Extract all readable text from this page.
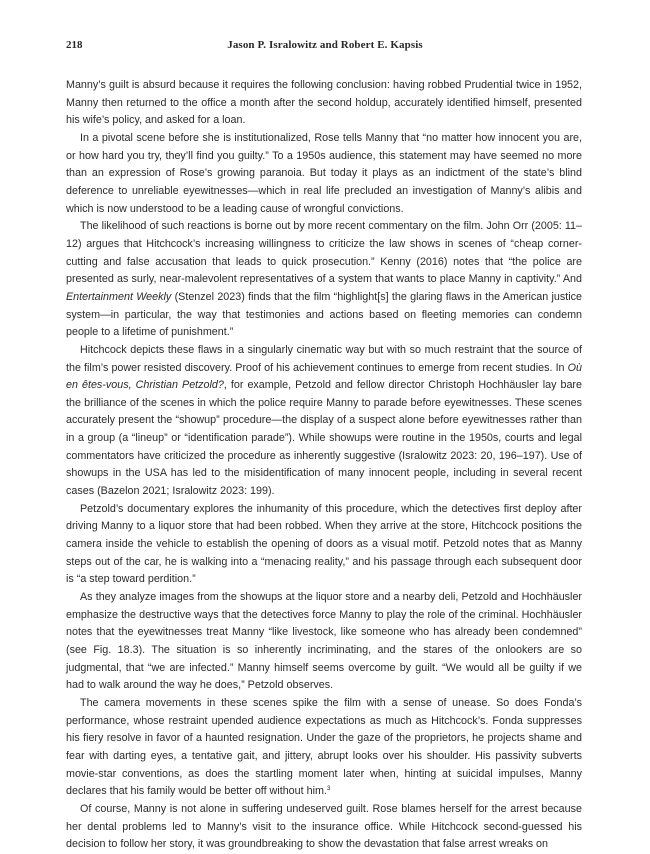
218	Jason P. Isralowitz and Robert E. Kapsis

Manny’s guilt is absurd because it requires the following conclusion: having robbed Prudential twice in 1952, Manny then returned to the office a month after the second holdup, accurately identified himself, presented his wife’s policy, and asked for a loan.

In a pivotal scene before she is institutionalized, Rose tells Manny that “no matter how innocent you are, or how hard you try, they’ll find you guilty.” To a 1950s audience, this statement may have seemed no more than an expression of Rose’s growing paranoia. But today it plays as an indictment of the state’s blind deference to unreliable eyewitnesses—which in real life precluded an investigation of Manny’s alibis and which is now understood to be a leading cause of wrongful convictions.

The likelihood of such reactions is borne out by more recent commentary on the film. John Orr (2005: 11–12) argues that Hitchcock’s increasing willingness to criticize the law shows in scenes of “cheap corner-cutting and false accusation that leads to quick prosecution.” Kenny (2016) notes that “the police are presented as surly, near-malevolent representatives of a system that wants to place Manny in captivity.” And Entertainment Weekly (Stenzel 2023) finds that the film “highlight[s] the glaring flaws in the American justice system—in particular, the way that testimonies and actions based on fleeting memories can condemn people to a lifetime of punishment.”

Hitchcock depicts these flaws in a singularly cinematic way but with so much restraint that the source of the film’s power resisted discovery. Proof of his achievement continues to emerge from recent studies. In Où en êtes-vous, Christian Petzold?, for example, Petzold and fellow director Christoph Hochhäusler lay bare the brilliance of the scenes in which the police require Manny to parade before eyewitnesses. These scenes accurately present the “showup” procedure—the display of a suspect alone before eyewitnesses rather than in a group (a “lineup” or “identification parade”). While showups were routine in the 1950s, courts and legal commentators have criticized the procedure as inherently suggestive (Isralowitz 2023: 20, 196–197). Use of showups in the USA has led to the misidentification of many innocent people, including in several recent cases (Bazelon 2021; Isralowitz 2023: 199).

Petzold’s documentary explores the inhumanity of this procedure, which the detectives first deploy after driving Manny to a liquor store that had been robbed. When they arrive at the store, Hitchcock positions the camera inside the vehicle to establish the opening of doors as a visual motif. Petzold notes that as Manny steps out of the car, he is walking into a “menacing reality,” and his passage through each subsequent door is “a step toward perdition.”

As they analyze images from the showups at the liquor store and a nearby deli, Petzold and Hochhäusler emphasize the destructive ways that the detectives force Manny to play the role of the criminal. Hochhäusler notes that the eyewitnesses treat Manny “like livestock, like someone who has already been condemned” (see Fig. 18.3). The situation is so inherently incriminating, and the stares of the onlookers are so judgmental, that “we are infected.” Manny himself seems overcome by guilt. “We would all be guilty if we had to walk around the way he does,” Petzold observes.

The camera movements in these scenes spike the film with a sense of unease. So does Fonda’s performance, whose restraint upended audience expectations as much as Hitchcock’s. Fonda suppresses his fiery resolve in favor of a haunted resignation. Under the gaze of the proprietors, he projects shame and fear with darting eyes, a tentative gait, and jittery, abrupt looks over his shoulder. His passivity subverts movie-star conventions, as does the startling moment later when, hinting at suicidal impulses, Manny declares that his family would be better off without him.$^3$

Of course, Manny is not alone in suffering undeserved guilt. Rose blames herself for the arrest because her dental problems led to Manny’s visit to the insurance office. While Hitchcock second-guessed his decision to follow her story, it was groundbreaking to show the devastation that false arrest wreaks on
